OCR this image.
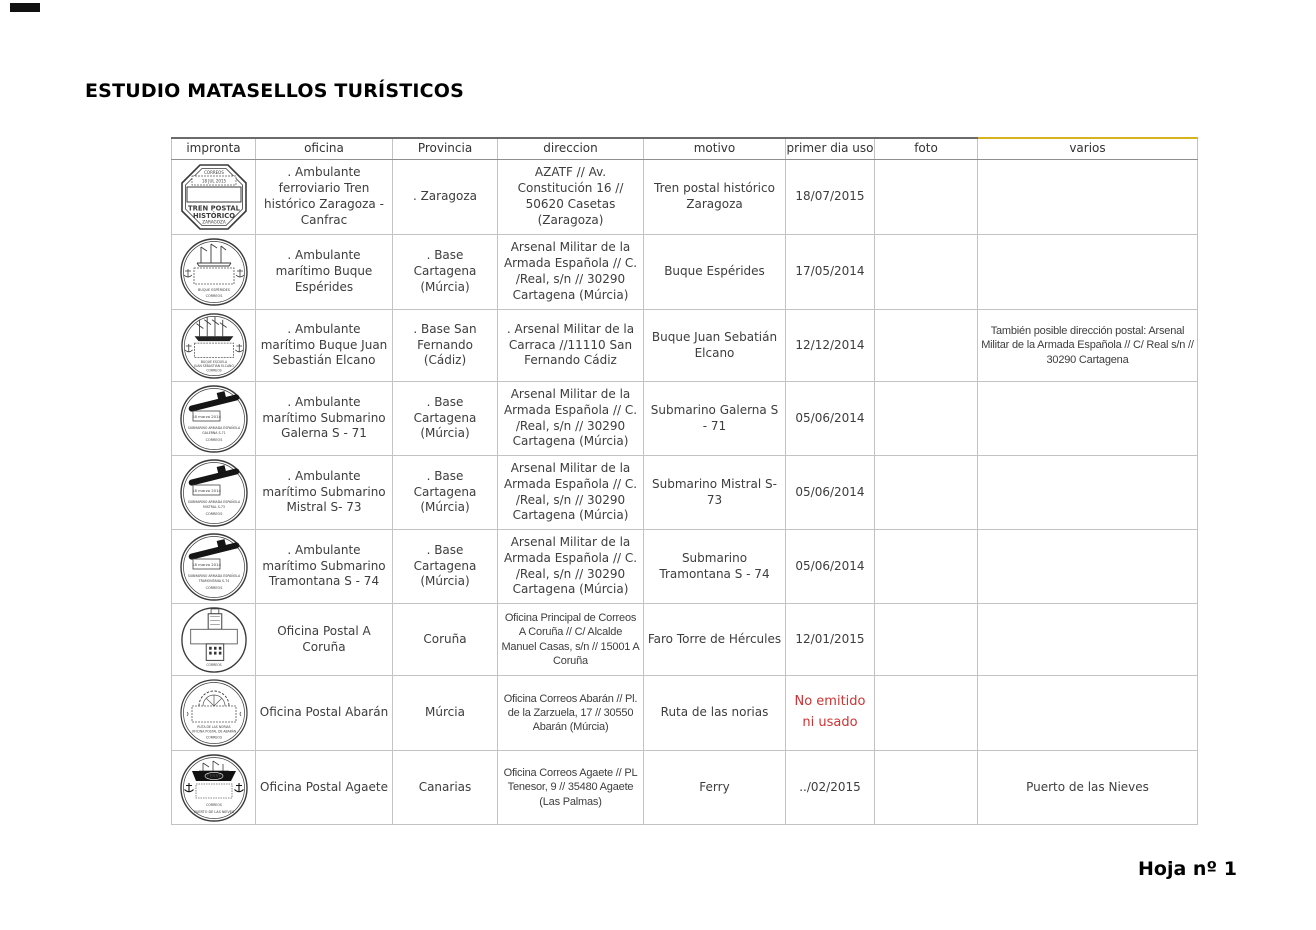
ESTUDIO MATASELLOS TURÍSTICOS
impronta	oficina	Provincia	direccion	motivo	primer dia uso	foto	varios

CORREOS
18 JUL 2015
TREN POSTAL
HISTÓRICO
ZARAGOZA	. Ambulante ferroviario Tren histórico Zaragoza - Canfrac	. Zaragoza	AZATF // Av. Constitución 16 // 50620 Casetas (Zaragoza)	Tren postal histórico Zaragoza	18/07/2015		

BUQUE ESPÉRIDES
CORREOS	. Ambulante marítimo Buque Espérides	. Base Cartagena (Múrcia)	Arsenal Militar de la Armada Española // C. /Real, s/n // 30290 Cartagena (Múrcia)	Buque Espérides	17/05/2014		

BUQUE ESCUELA
JUAN SEBASTIÁN ELCANO
CORREOS	. Ambulante marítimo Buque Juan Sebastián Elcano	. Base San Fernando (Cádiz)	. Arsenal Militar de la Carraca //11110 San Fernando Cádiz	Buque Juan Sebatián Elcano	12/12/2014		También posible dirección postal: Arsenal Militar de la Armada Española // C/ Real s/n // 30290 Cartagena

18 marzo 2014
SUBMARINO ARMADA ESPAÑOLA
GALERNA S-71
CORREOS	. Ambulante marítimo Submarino Galerna S - 71	. Base Cartagena (Múrcia)	Arsenal Militar de la Armada Española // C. /Real, s/n // 30290 Cartagena (Múrcia)	Submarino Galerna S - 71	05/06/2014		

18 marzo 2014
SUBMARINO ARMADA ESPAÑOLA
MISTRAL S-73
CORREOS	. Ambulante marítimo Submarino Mistral S- 73	. Base Cartagena (Múrcia)	Arsenal Militar de la Armada Española // C. /Real, s/n // 30290 Cartagena (Múrcia)	Submarino Mistral S- 73	05/06/2014		

18 marzo 2014
SUBMARINO ARMADA ESPAÑOLA
TRAMONTANA S-74
CORREOS	. Ambulante marítimo Submarino Tramontana S - 74	. Base Cartagena (Múrcia)	Arsenal Militar de la Armada Española // C. /Real, s/n // 30290 Cartagena (Múrcia)	Submarino Tramontana S - 74	05/06/2014		

CORREOS	Oficina Postal A Coruña	Coruña	Oficina Principal de Correos A Coruña // C/ Alcalde Manuel Casas, s/n // 15001 A Coruña	Faro Torre de Hércules	12/01/2015		

RUTA DE LAS NORIAS
OFICINA POSTAL DE ABARÁN
CORREOS	Oficina Postal Abarán	Múrcia	Oficina Correos Abarán // Pl. de la Zarzuela, 17 // 30550 Abarán (Múrcia)	Ruta de las norias	No emitido ni usado		

FERRY
CORREOS
PUERTO DE LAS NIEVES	Oficina Postal Agaete	Canarias	Oficina Correos Agaete // PL Tenesor, 9 // 35480 Agaete (Las Palmas)	Ferry	../02/2015		Puerto de las Nieves
Hoja nº 1
